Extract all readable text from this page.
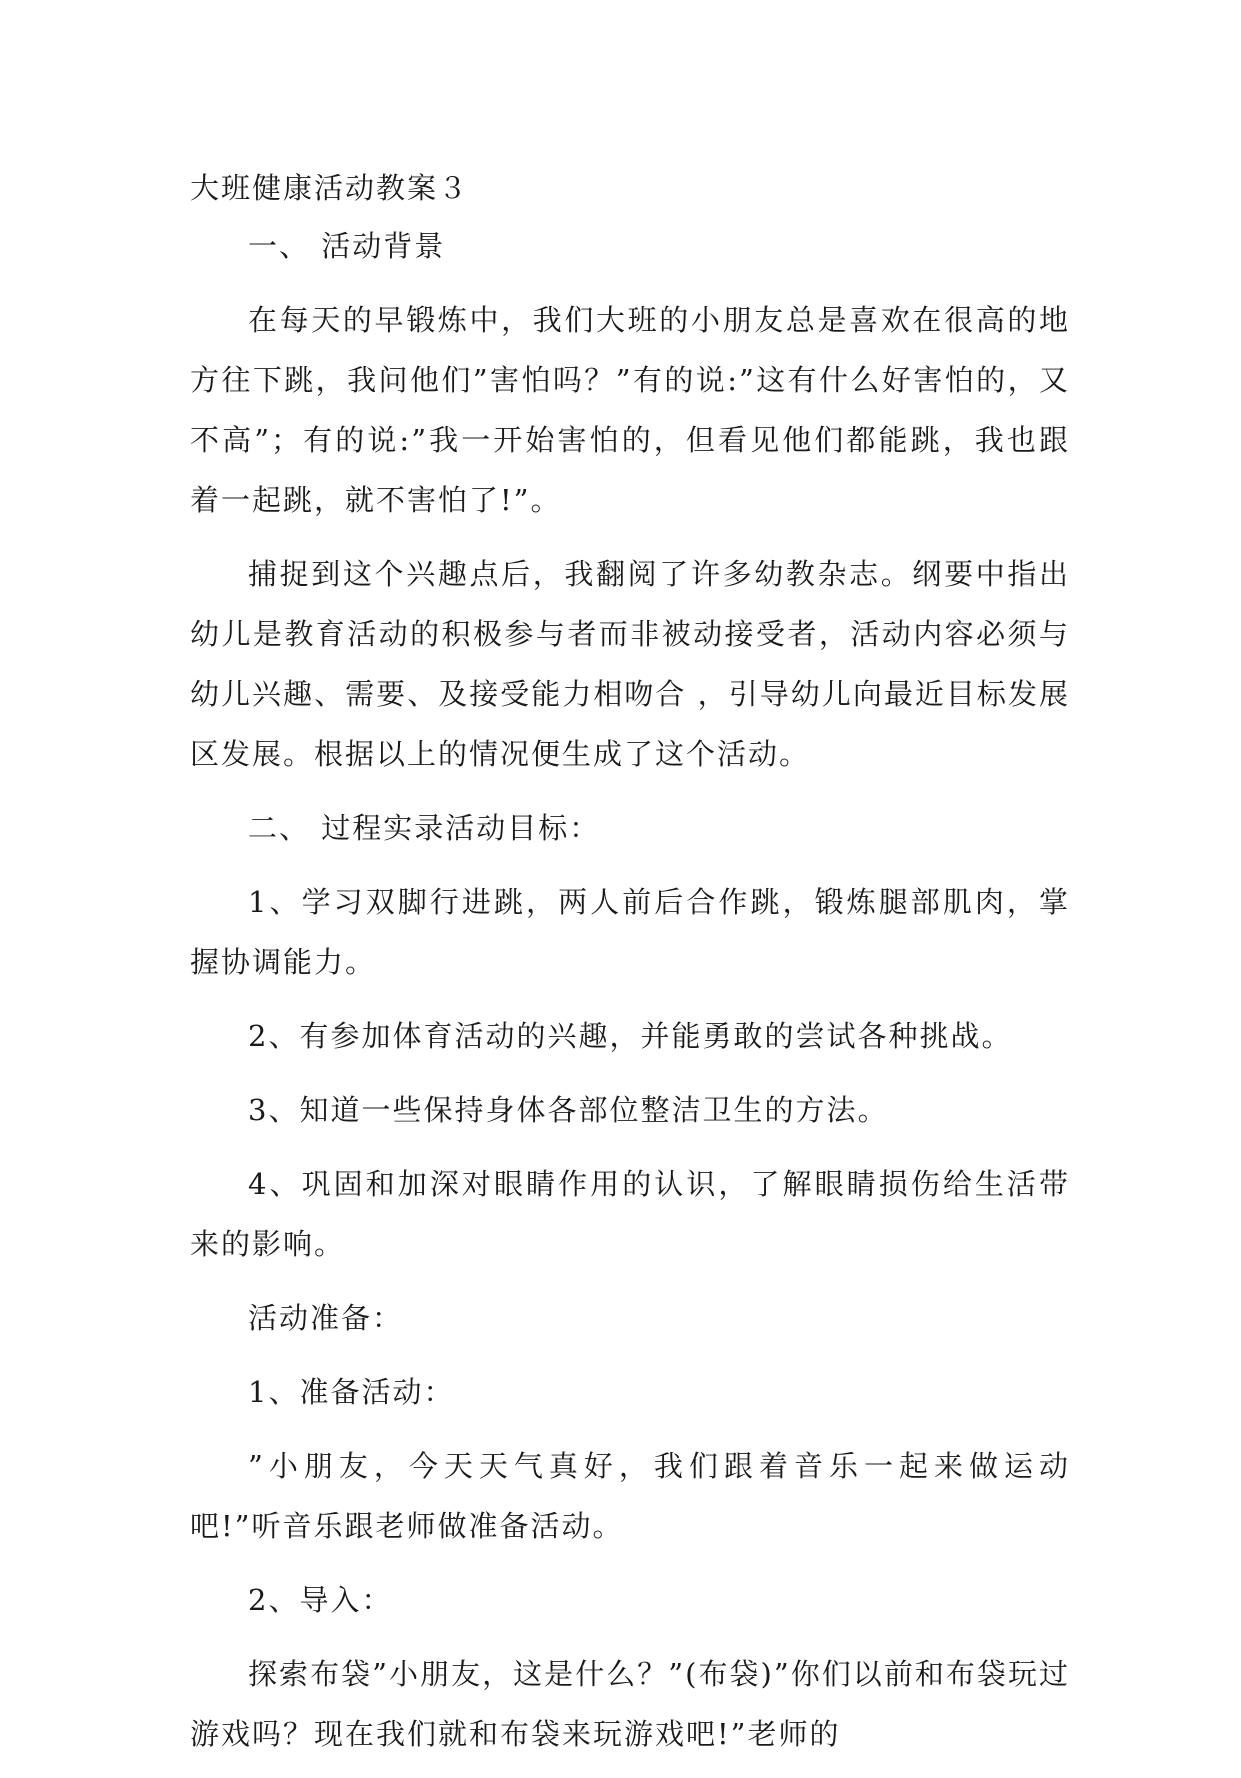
大班健康活动教案３

一、 活动背景

在每天的早锻炼中，我们大班的小朋友总是喜欢在很高的地方往下跳，我问他们”害怕吗？”有的说:”这有什么好害怕的，又不高”；有的说:”我一开始害怕的，但看见他们都能跳，我也跟着一起跳，就不害怕了!”。

捕捉到这个兴趣点后，我翻阅了许多幼教杂志。纲要中指出幼儿是教育活动的积极参与者而非被动接受者，活动内容必须与幼儿兴趣、需要、及接受能力相吻合 ，引导幼儿向最近目标发展区发展。根据以上的情况便生成了这个活动。

二、 过程实录活动目标：

1、学习双脚行进跳，两人前后合作跳，锻炼腿部肌肉，掌握协调能力。

2、有参加体育活动的兴趣，并能勇敢的尝试各种挑战。

3、知道一些保持身体各部位整洁卫生的方法。

4、巩固和加深对眼睛作用的认识，了解眼睛损伤给生活带来的影响。

活动准备：

1、准备活动：

”小朋友，今天天气真好，我们跟着音乐一起来做运动吧!”听音乐跟老师做准备活动。

2、导入：

探索布袋”小朋友，这是什么？”(布袋)”你们以前和布袋玩过游戏吗？现在我们就和布袋来玩游戏吧!”老师的
